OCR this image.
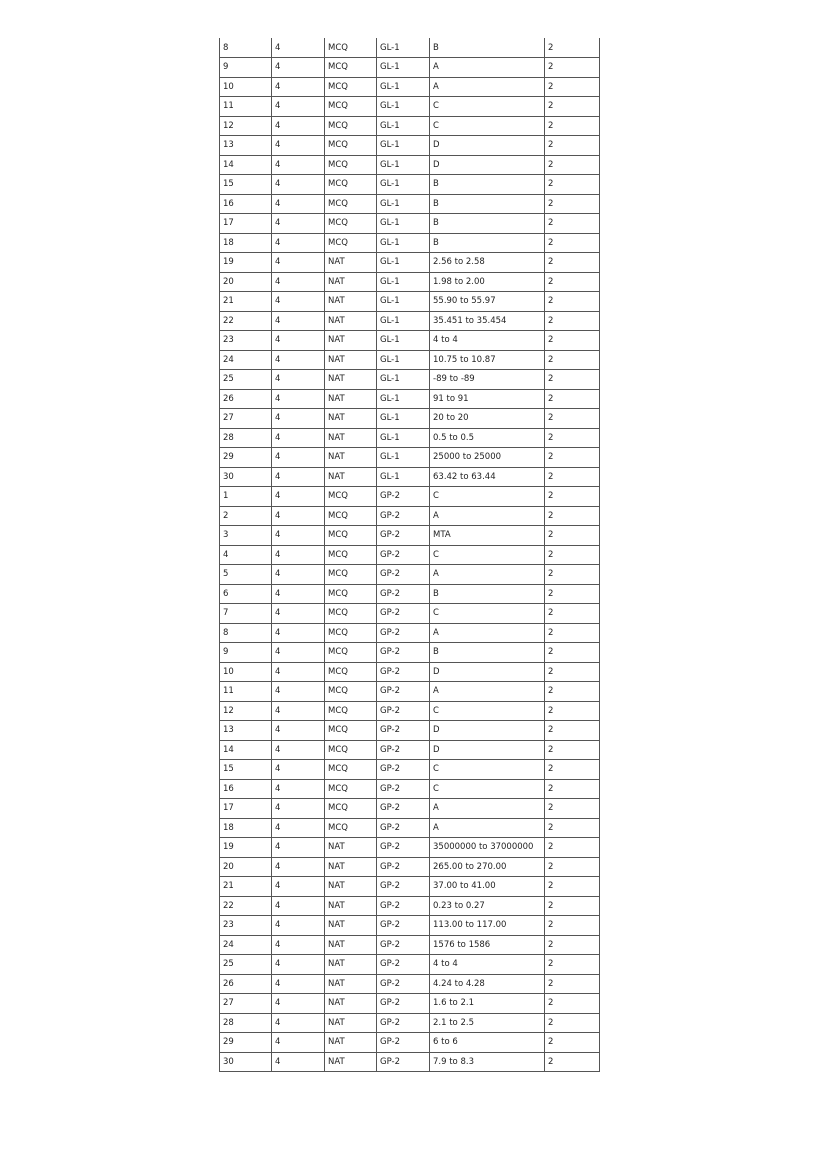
8	4	MCQ	GL-1	B	2
9	4	MCQ	GL-1	A	2
10	4	MCQ	GL-1	A	2
11	4	MCQ	GL-1	C	2
12	4	MCQ	GL-1	C	2
13	4	MCQ	GL-1	D	2
14	4	MCQ	GL-1	D	2
15	4	MCQ	GL-1	B	2
16	4	MCQ	GL-1	B	2
17	4	MCQ	GL-1	B	2
18	4	MCQ	GL-1	B	2
19	4	NAT	GL-1	2.56 to 2.58	2
20	4	NAT	GL-1	1.98 to 2.00	2
21	4	NAT	GL-1	55.90 to 55.97	2
22	4	NAT	GL-1	35.451 to 35.454	2
23	4	NAT	GL-1	4 to 4	2
24	4	NAT	GL-1	10.75 to 10.87	2
25	4	NAT	GL-1	-89 to -89	2
26	4	NAT	GL-1	91 to 91	2
27	4	NAT	GL-1	20 to 20	2
28	4	NAT	GL-1	0.5 to 0.5	2
29	4	NAT	GL-1	25000 to 25000	2
30	4	NAT	GL-1	63.42 to 63.44	2
1	4	MCQ	GP-2	C	2
2	4	MCQ	GP-2	A	2
3	4	MCQ	GP-2	MTA	2
4	4	MCQ	GP-2	C	2
5	4	MCQ	GP-2	A	2
6	4	MCQ	GP-2	B	2
7	4	MCQ	GP-2	C	2
8	4	MCQ	GP-2	A	2
9	4	MCQ	GP-2	B	2
10	4	MCQ	GP-2	D	2
11	4	MCQ	GP-2	A	2
12	4	MCQ	GP-2	C	2
13	4	MCQ	GP-2	D	2
14	4	MCQ	GP-2	D	2
15	4	MCQ	GP-2	C	2
16	4	MCQ	GP-2	C	2
17	4	MCQ	GP-2	A	2
18	4	MCQ	GP-2	A	2
19	4	NAT	GP-2	35000000 to 37000000	2
20	4	NAT	GP-2	265.00 to 270.00	2
21	4	NAT	GP-2	37.00 to 41.00	2
22	4	NAT	GP-2	0.23 to 0.27	2
23	4	NAT	GP-2	113.00 to 117.00	2
24	4	NAT	GP-2	1576 to 1586	2
25	4	NAT	GP-2	4 to 4	2
26	4	NAT	GP-2	4.24 to 4.28	2
27	4	NAT	GP-2	1.6 to 2.1	2
28	4	NAT	GP-2	2.1 to 2.5	2
29	4	NAT	GP-2	6 to 6	2
30	4	NAT	GP-2	7.9 to 8.3	2
